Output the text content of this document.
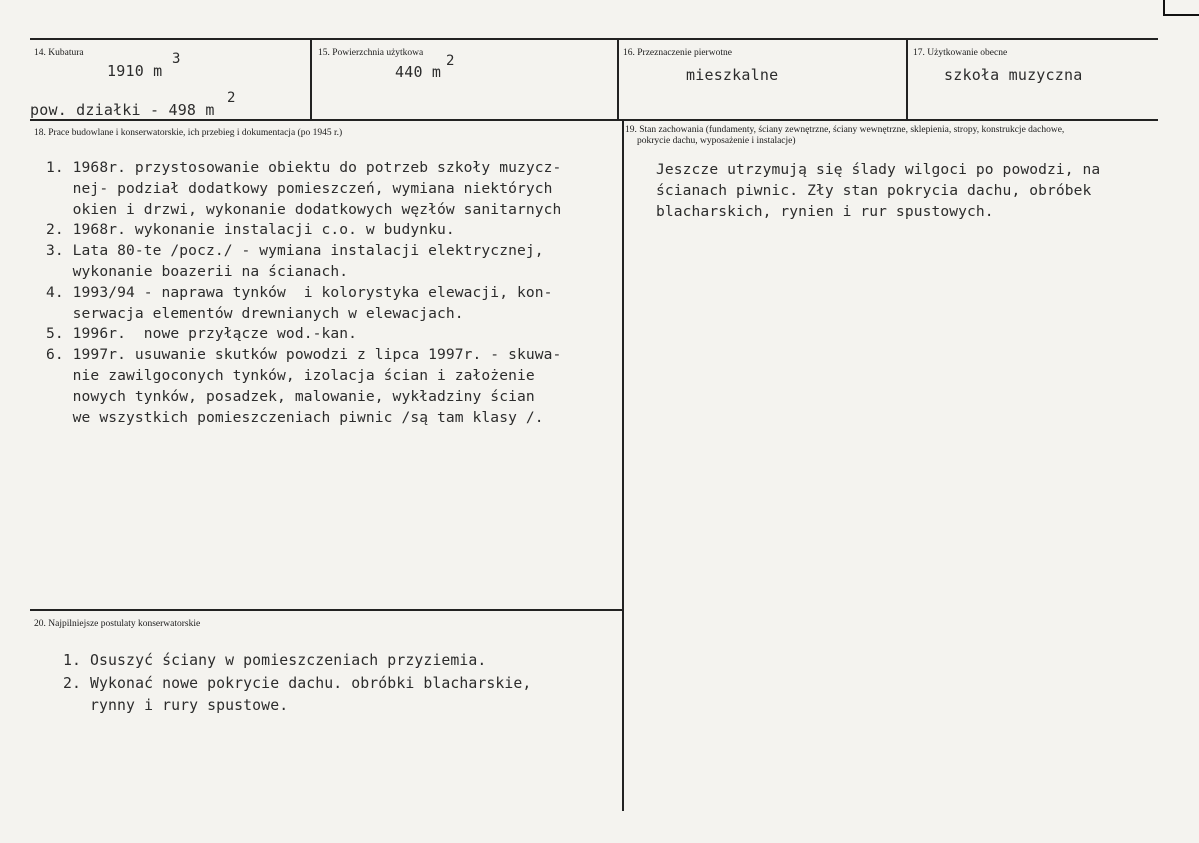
14. Kubatura
1910 m
3
pow. działki - 498 m
2
15. Powierzchnia użytkowa
440 m
2	16. Przeznaczenie pierwotne
mieszkalne
17. Użytkowanie obecne
szkoła muzyczna
18. Prace budowlane i konserwatorskie, ich przebieg i dokumentacja (po 1945 r.)
1. 1968r. przystosowanie obiektu do potrzeb szkoły muzycz-
nej- podział dodatkowy pomieszczeń, wymiana niektórych
okien i drzwi, wykonanie dodatkowych węzłów sanitarnych
2. 1968r. wykonanie instalacji c.o. w budynku.
3. Lata 80-te /pocz./ - wymiana instalacji elektrycznej,
wykonanie boazerii na ścianach.
4. 1993/94 - naprawa tynków  i kolorystyka elewacji, kon-
serwacja elementów drewnianych w elewacjach.
5. 1996r.  nowe przyłącze wod.-kan.
6. 1997r. usuwanie skutków powodzi z lipca 1997r. - skuwa-
nie zawilgoconych tynków, izolacja ścian i założenie
nowych tynków, posadzek, malowanie, wykładziny ścian
we wszystkich pomieszczeniach piwnic /są tam klasy /.
19. Stan zachowania (fundamenty, ściany zewnętrzne, ściany wewnętrzne, sklepienia, stropy, konstrukcje dachowe,
pokrycie dachu, wyposażenie i instalacje)
Jeszcze utrzymują się ślady wilgoci po powodzi, na
ścianach piwnic. Zły stan pokrycia dachu, obróbek
blacharskich, rynien i rur spustowych.
20. Najpilniejsze postulaty konserwatorskie
1. Osuszyć ściany w pomieszczeniach przyziemia.
2. Wykonać nowe pokrycie dachu. obróbki blacharskie,
rynny i rury spustowe.
